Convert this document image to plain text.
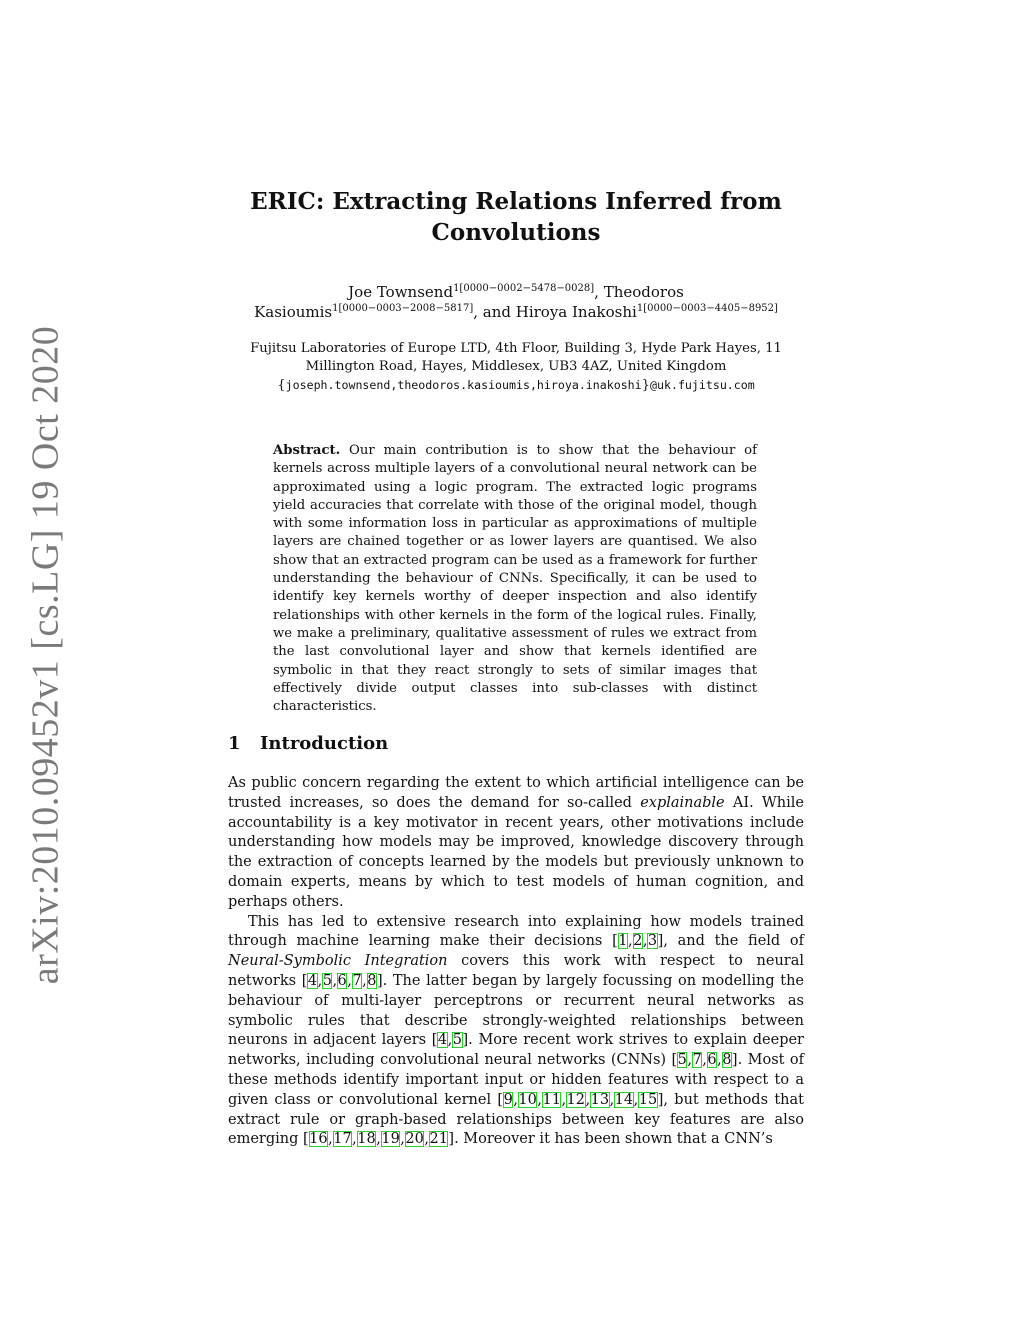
arXiv:2010.09452v1 [cs.LG] 19 Oct 2020
ERIC: Extracting Relations Inferred from
Convolutions
Joe Townsend$^{1[0000-0002-5478-0028]}$, Theodoros
Kasioumis$^{1[0000-0003-2008-5817]}$, and Hiroya Inakoshi$^{1[0000-0003-4405-8952]}$
Fujitsu Laboratories of Europe LTD, 4th Floor, Building 3, Hyde Park Hayes, 11
Millington Road, Hayes, Middlesex, UB3 4AZ, United Kingdom
{joseph.townsend,theodoros.kasioumis,hiroya.inakoshi}@uk.fujitsu.com
Abstract. Our main contribution is to show that the behaviour of kernels across multiple layers of a convolutional neural network can be approximated using a logic program. The extracted logic programs yield accuracies that correlate with those of the original model, though with some information loss in particular as approximations of multiple layers are chained together or as lower layers are quantised. We also show that an extracted program can be used as a framework for further understanding the behaviour of CNNs. Specifically, it can be used to identify key kernels worthy of deeper inspection and also identify relationships with other kernels in the form of the logical rules. Finally, we make a preliminary, qualitative assessment of rules we extract from the last convolutional layer and show that kernels identified are symbolic in that they react strongly to sets of similar images that effectively divide output classes into sub-classes with distinct characteristics.
1 Introduction

As public concern regarding the extent to which artificial intelligence can be trusted increases, so does the demand for so-called explainable AI. While accountability is a key motivator in recent years, other motivations include understanding how models may be improved, knowledge discovery through the extraction of concepts learned by the models but previously unknown to domain experts, means by which to test models of human cognition, and perhaps others.

This has led to extensive research into explaining how models trained through machine learning make their decisions [1,2,3], and the field of Neural-Symbolic Integration covers this work with respect to neural networks [4,5,6,7,8]. The latter began by largely focussing on modelling the behaviour of multi-layer perceptrons or recurrent neural networks as symbolic rules that describe strongly-weighted relationships between neurons in adjacent layers [4,5]. More recent work strives to explain deeper networks, including convolutional neural networks (CNNs) [5,7,6,8]. Most of these methods identify important input or hidden features with respect to a given class or convolutional kernel [9,10,11,12,13,14,15], but methods that extract rule or graph-based relationships between key features are also emerging [16,17,18,19,20,21]. Moreover it has been shown that a CNN’s
